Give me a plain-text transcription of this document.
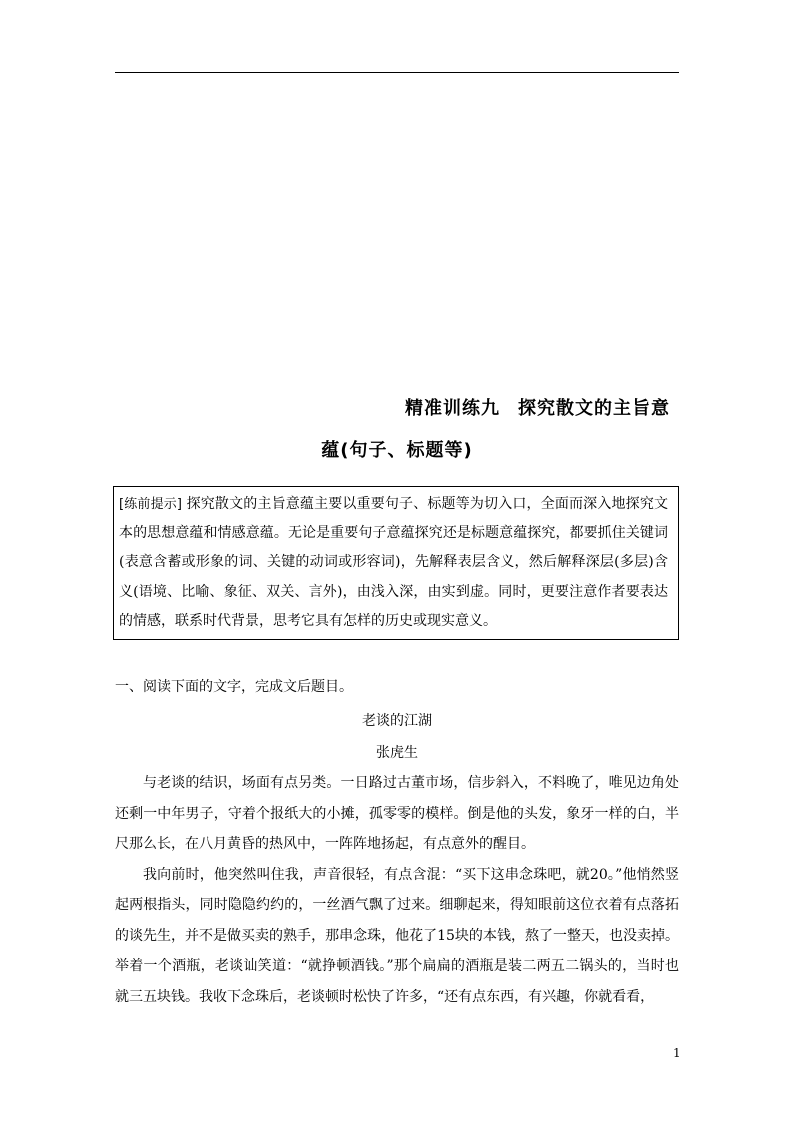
精准训练九 探究散文的主旨意
蕴(句子、标题等)
[练前提示] 探究散文的主旨意蕴主要以重要句子、标题等为切入口，全面而深入地探究文本的思想意蕴和情感意蕴。无论是重要句子意蕴探究还是标题意蕴探究，都要抓住关键词(表意含蓄或形象的词、关键的动词或形容词)，先解释表层含义，然后解释深层(多层)含义(语境、比喻、象征、双关、言外)，由浅入深，由实到虚。同时，更要注意作者要表达的情感，联系时代背景，思考它具有怎样的历史或现实意义。
一、阅读下面的文字，完成文后题目。
老谈的江湖
张虎生

与老谈的结识，场面有点另类。一日路过古董市场，信步斜入，不料晚了，唯见边角处还剩一中年男子，守着个报纸大的小摊，孤零零的模样。倒是他的头发，象牙一样的白，半尺那么长，在八月黄昏的热风中，一阵阵地扬起，有点意外的醒目。

我向前时，他突然叫住我，声音很轻，有点含混：“买下这串念珠吧，就20。”他悄然竖起两根指头，同时隐隐约约的，一丝酒气飘了过来。细聊起来，得知眼前这位衣着有点落拓的谈先生，并不是做买卖的熟手，那串念珠，他花了15块的本钱，熬了一整天，也没卖掉。举着一个酒瓶，老谈讪笑道：“就挣顿酒钱。”那个扁扁的酒瓶是装二两五二锅头的，当时也就三五块钱。我收下念珠后，老谈顿时松快了许多，“还有点东西，有兴趣，你就看看，

1
